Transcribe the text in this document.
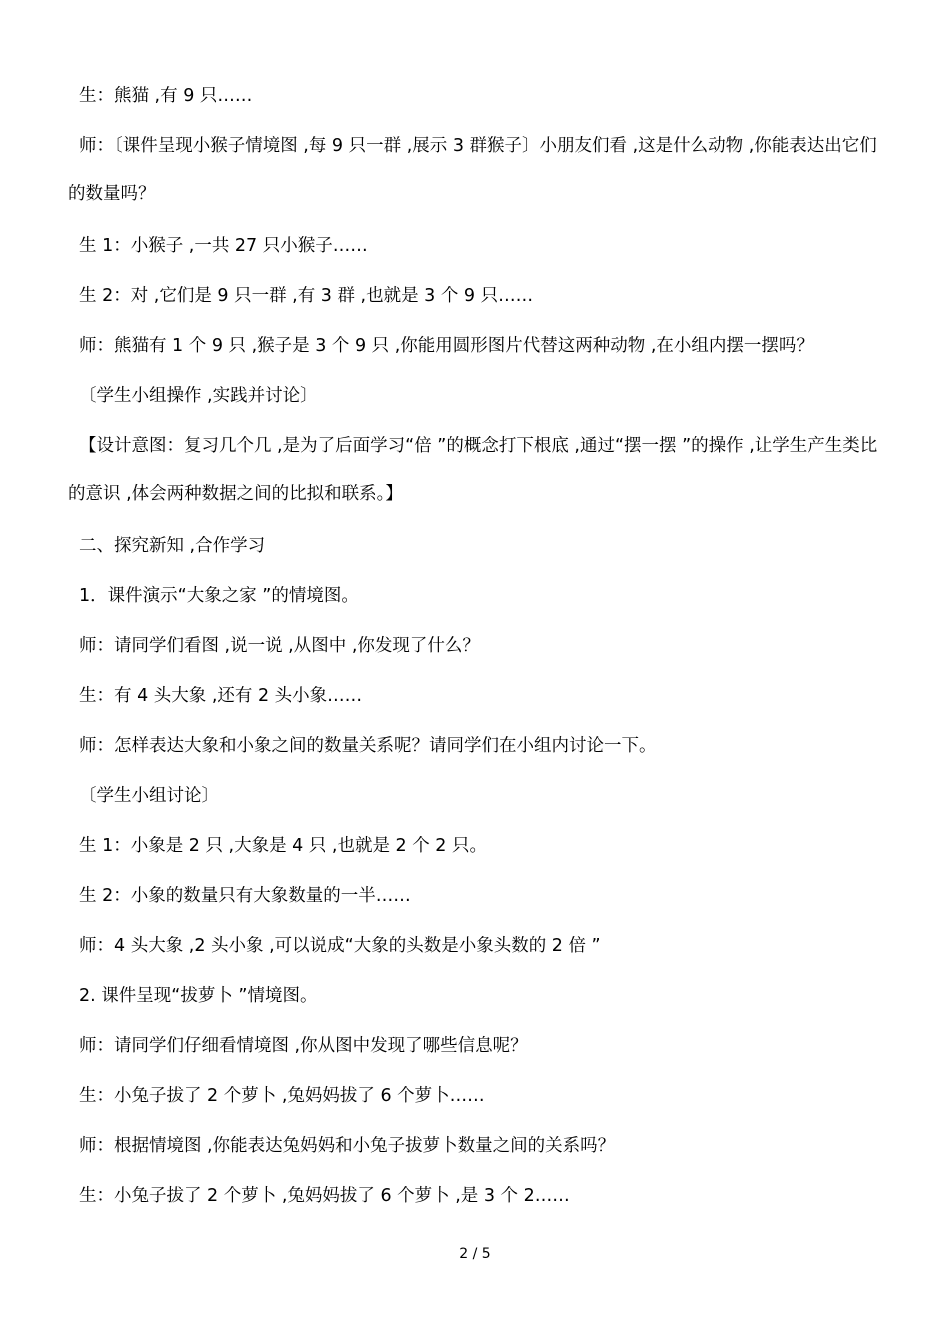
生：熊猫 ,有 9 只……
师：〔课件呈现小猴子情境图 ,每 9 只一群 ,展示 3 群猴子〕小朋友们看 ,这是什么动物 ,你能表达出它们的数量吗？
生 1：小猴子 ,一共 27 只小猴子……
生 2：对 ,它们是 9 只一群 ,有 3 群 ,也就是 3 个 9 只……
师：熊猫有 1 个 9 只 ,猴子是 3 个 9 只 ,你能用圆形图片代替这两种动物 ,在小组内摆一摆吗？
〔学生小组操作 ,实践并讨论〕
【设计意图：复习几个几 ,是为了后面学习“倍 ”的概念打下根底 ,通过“摆一摆 ”的操作 ,让学生产生类比的意识 ,体会两种数据之间的比拟和联系。】
二、探究新知 ,合作学习
1．课件演示“大象之家 ”的情境图。
师：请同学们看图 ,说一说 ,从图中 ,你发现了什么？
生：有 4 头大象 ,还有 2 头小象……
师：怎样表达大象和小象之间的数量关系呢？请同学们在小组内讨论一下。
〔学生小组讨论〕
生 1：小象是 2 只 ,大象是 4 只 ,也就是 2 个 2 只。
生 2：小象的数量只有大象数量的一半……
师：4 头大象 ,2 头小象 ,可以说成“大象的头数是小象头数的 2 倍 ”
2. 课件呈现“拔萝卜 ”情境图。
师：请同学们仔细看情境图 ,你从图中发现了哪些信息呢？
生：小兔子拔了 2 个萝卜 ,兔妈妈拔了 6 个萝卜……
师：根据情境图 ,你能表达兔妈妈和小兔子拔萝卜数量之间的关系吗？
生：小兔子拔了 2 个萝卜 ,兔妈妈拔了 6 个萝卜 ,是 3 个 2……
2 / 5
